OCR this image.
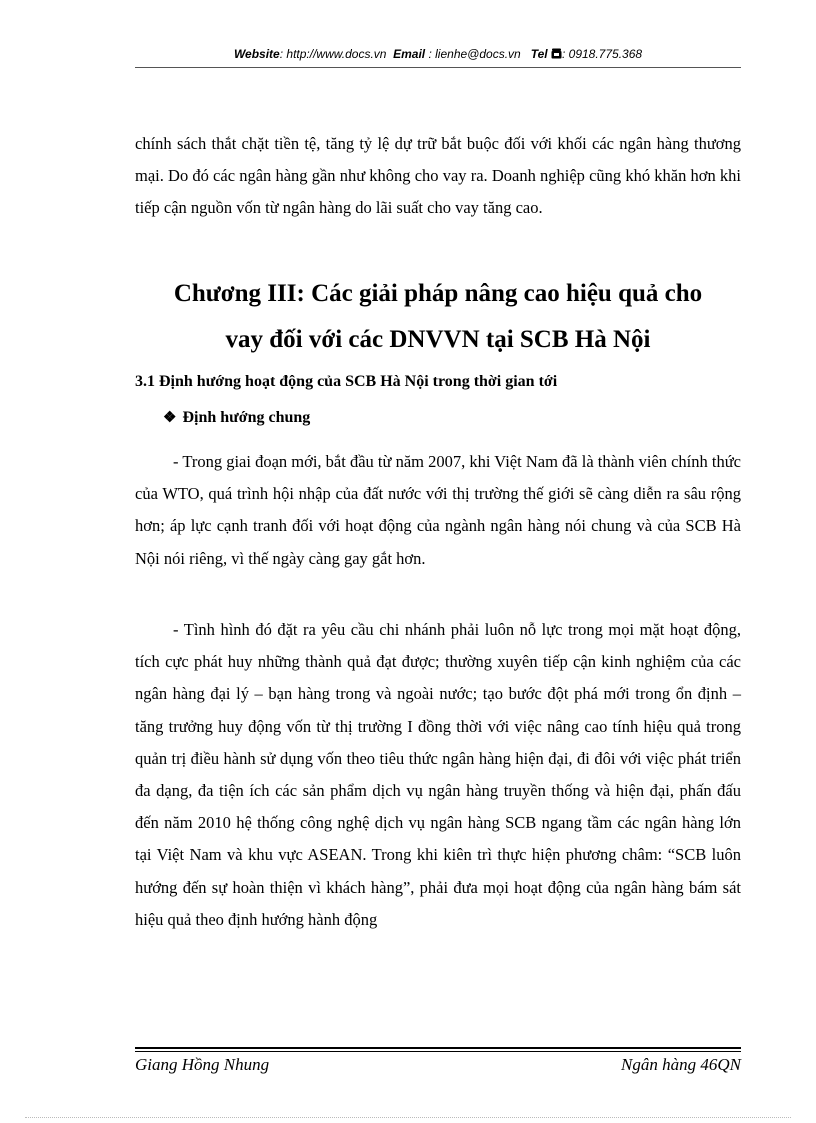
Website: http://www.docs.vn Email : lienhe@docs.vn Tel : 0918.775.368
chính sách thắt chặt tiền tệ, tăng tỷ lệ dự trữ bắt buộc đối với khối các ngân hàng thương mại. Do đó các ngân hàng gần như không cho vay ra. Doanh nghiệp cũng khó khăn hơn khi tiếp cận nguồn vốn từ ngân hàng do lãi suất cho vay tăng cao.
Chương III: Các giải pháp nâng cao hiệu quả cho
vay đối với các DNVVN tại SCB Hà Nội
3.1 Định hướng hoạt động của SCB Hà Nội trong thời gian tới
❖ Định hướng chung
- Trong giai đoạn mới, bắt đầu từ năm 2007, khi Việt Nam đã là thành viên chính thức của WTO, quá trình hội nhập của đất nước với thị trường thế giới sẽ càng diễn ra sâu rộng hơn; áp lực cạnh tranh đối với hoạt động của ngành ngân hàng nói chung và của SCB Hà Nội nói riêng, vì thế ngày càng gay gắt hơn.
- Tình hình đó đặt ra yêu cầu chi nhánh phải luôn nỗ lực trong mọi mặt hoạt động, tích cực phát huy những thành quả đạt được; thường xuyên tiếp cận kinh nghiệm của các ngân hàng đại lý – bạn hàng trong và ngoài nước; tạo bước đột phá mới trong ổn định – tăng trưởng huy động vốn từ thị trường I đồng thời với việc nâng cao tính hiệu quả trong quản trị điều hành sử dụng vốn theo tiêu thức ngân hàng hiện đại, đi đôi với việc phát triển đa dạng, đa tiện ích các sản phẩm dịch vụ ngân hàng truyền thống và hiện đại, phấn đấu đến năm 2010 hệ thống công nghệ dịch vụ ngân hàng SCB ngang tầm các ngân hàng lớn tại Việt Nam và khu vực ASEAN. Trong khi kiên trì thực hiện phương châm: “SCB luôn hướng đến sự hoàn thiện vì khách hàng”, phải đưa mọi hoạt động của ngân hàng bám sát hiệu quả theo định hướng hành động
Giang Hồng Nhung	Ngân hàng 46QN
